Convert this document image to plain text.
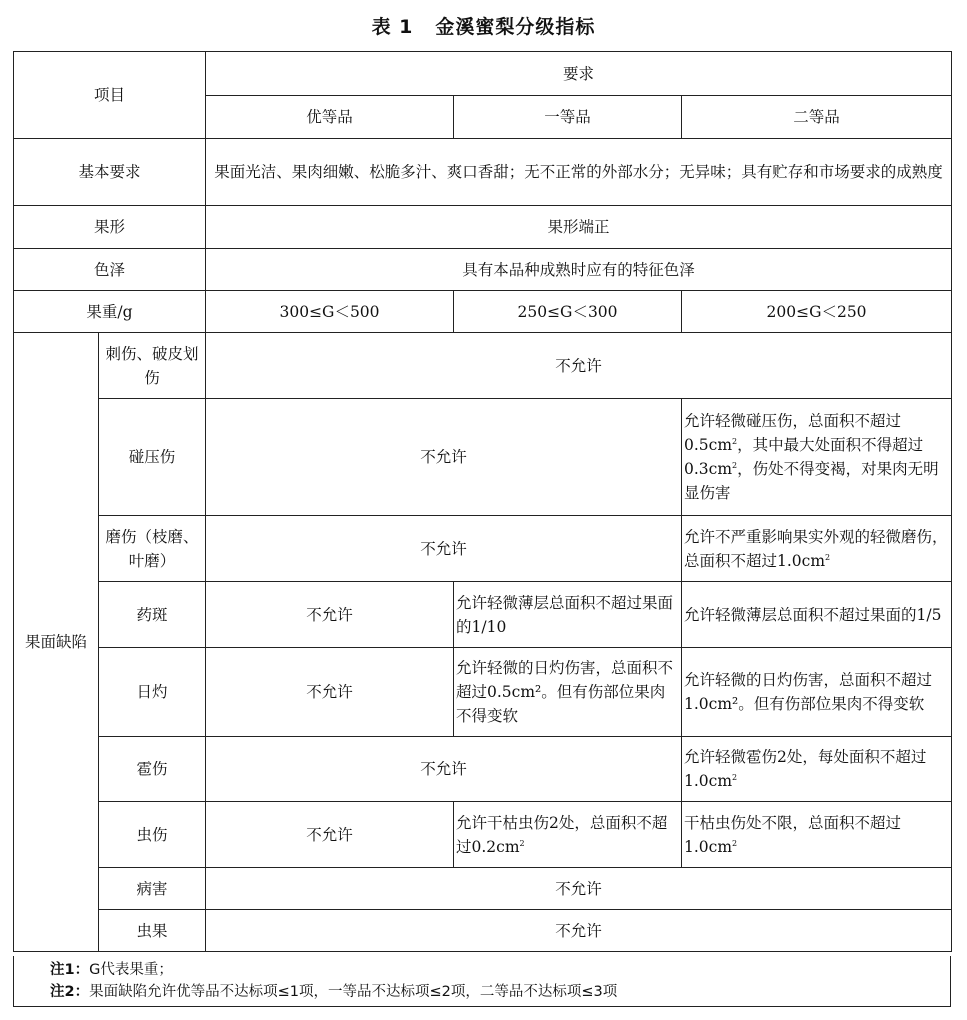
表 1 金溪蜜梨分级指标
项目		要求		
		优等品	一等品	二等品
基本要求		果面光洁、果肉细嫩、松脆多汁、爽口香甜；无不正常的外部水分；无异味；具有贮存和市场要求的成熟度		
果形		果形端正		
色泽		具有本品种成熟时应有的特征色泽		
果重/g		300≤G＜500	250≤G＜300	200≤G＜250
果面缺陷	刺伤、破皮划伤	不允许		
	碰压伤	不允许		允许轻微碰压伤，总面积不超过$0.5cm^2$，其中最大处面积不得超过$0.3cm^2$，伤处不得变褐，对果肉无明显伤害
	磨伤（枝磨、叶磨）	不允许		允许不严重影响果实外观的轻微磨伤，总面积不超过$1.0cm^2$
	药斑	不允许	允许轻微薄层总面积不超过果面的1/10	允许轻微薄层总面积不超过果面的1/5
	日灼	不允许	允许轻微的日灼伤害，总面积不超过0.5cm²。但有伤部位果肉不得变软	允许轻微的日灼伤害，总面积不超过1.0cm²。但有伤部位果肉不得变软
	雹伤	不允许		允许轻微雹伤2处，每处面积不超过$1.0cm^2$
	虫伤	不允许	允许干枯虫伤2处，总面积不超过$0.2cm^2$	干枯虫伤处不限，总面积不超过$1.0cm^2$
	病害	不允许		
	虫果	不允许		
注1：G代表果重；
注2：果面缺陷允许优等品不达标项≤1项，一等品不达标项≤2项，二等品不达标项≤3项
